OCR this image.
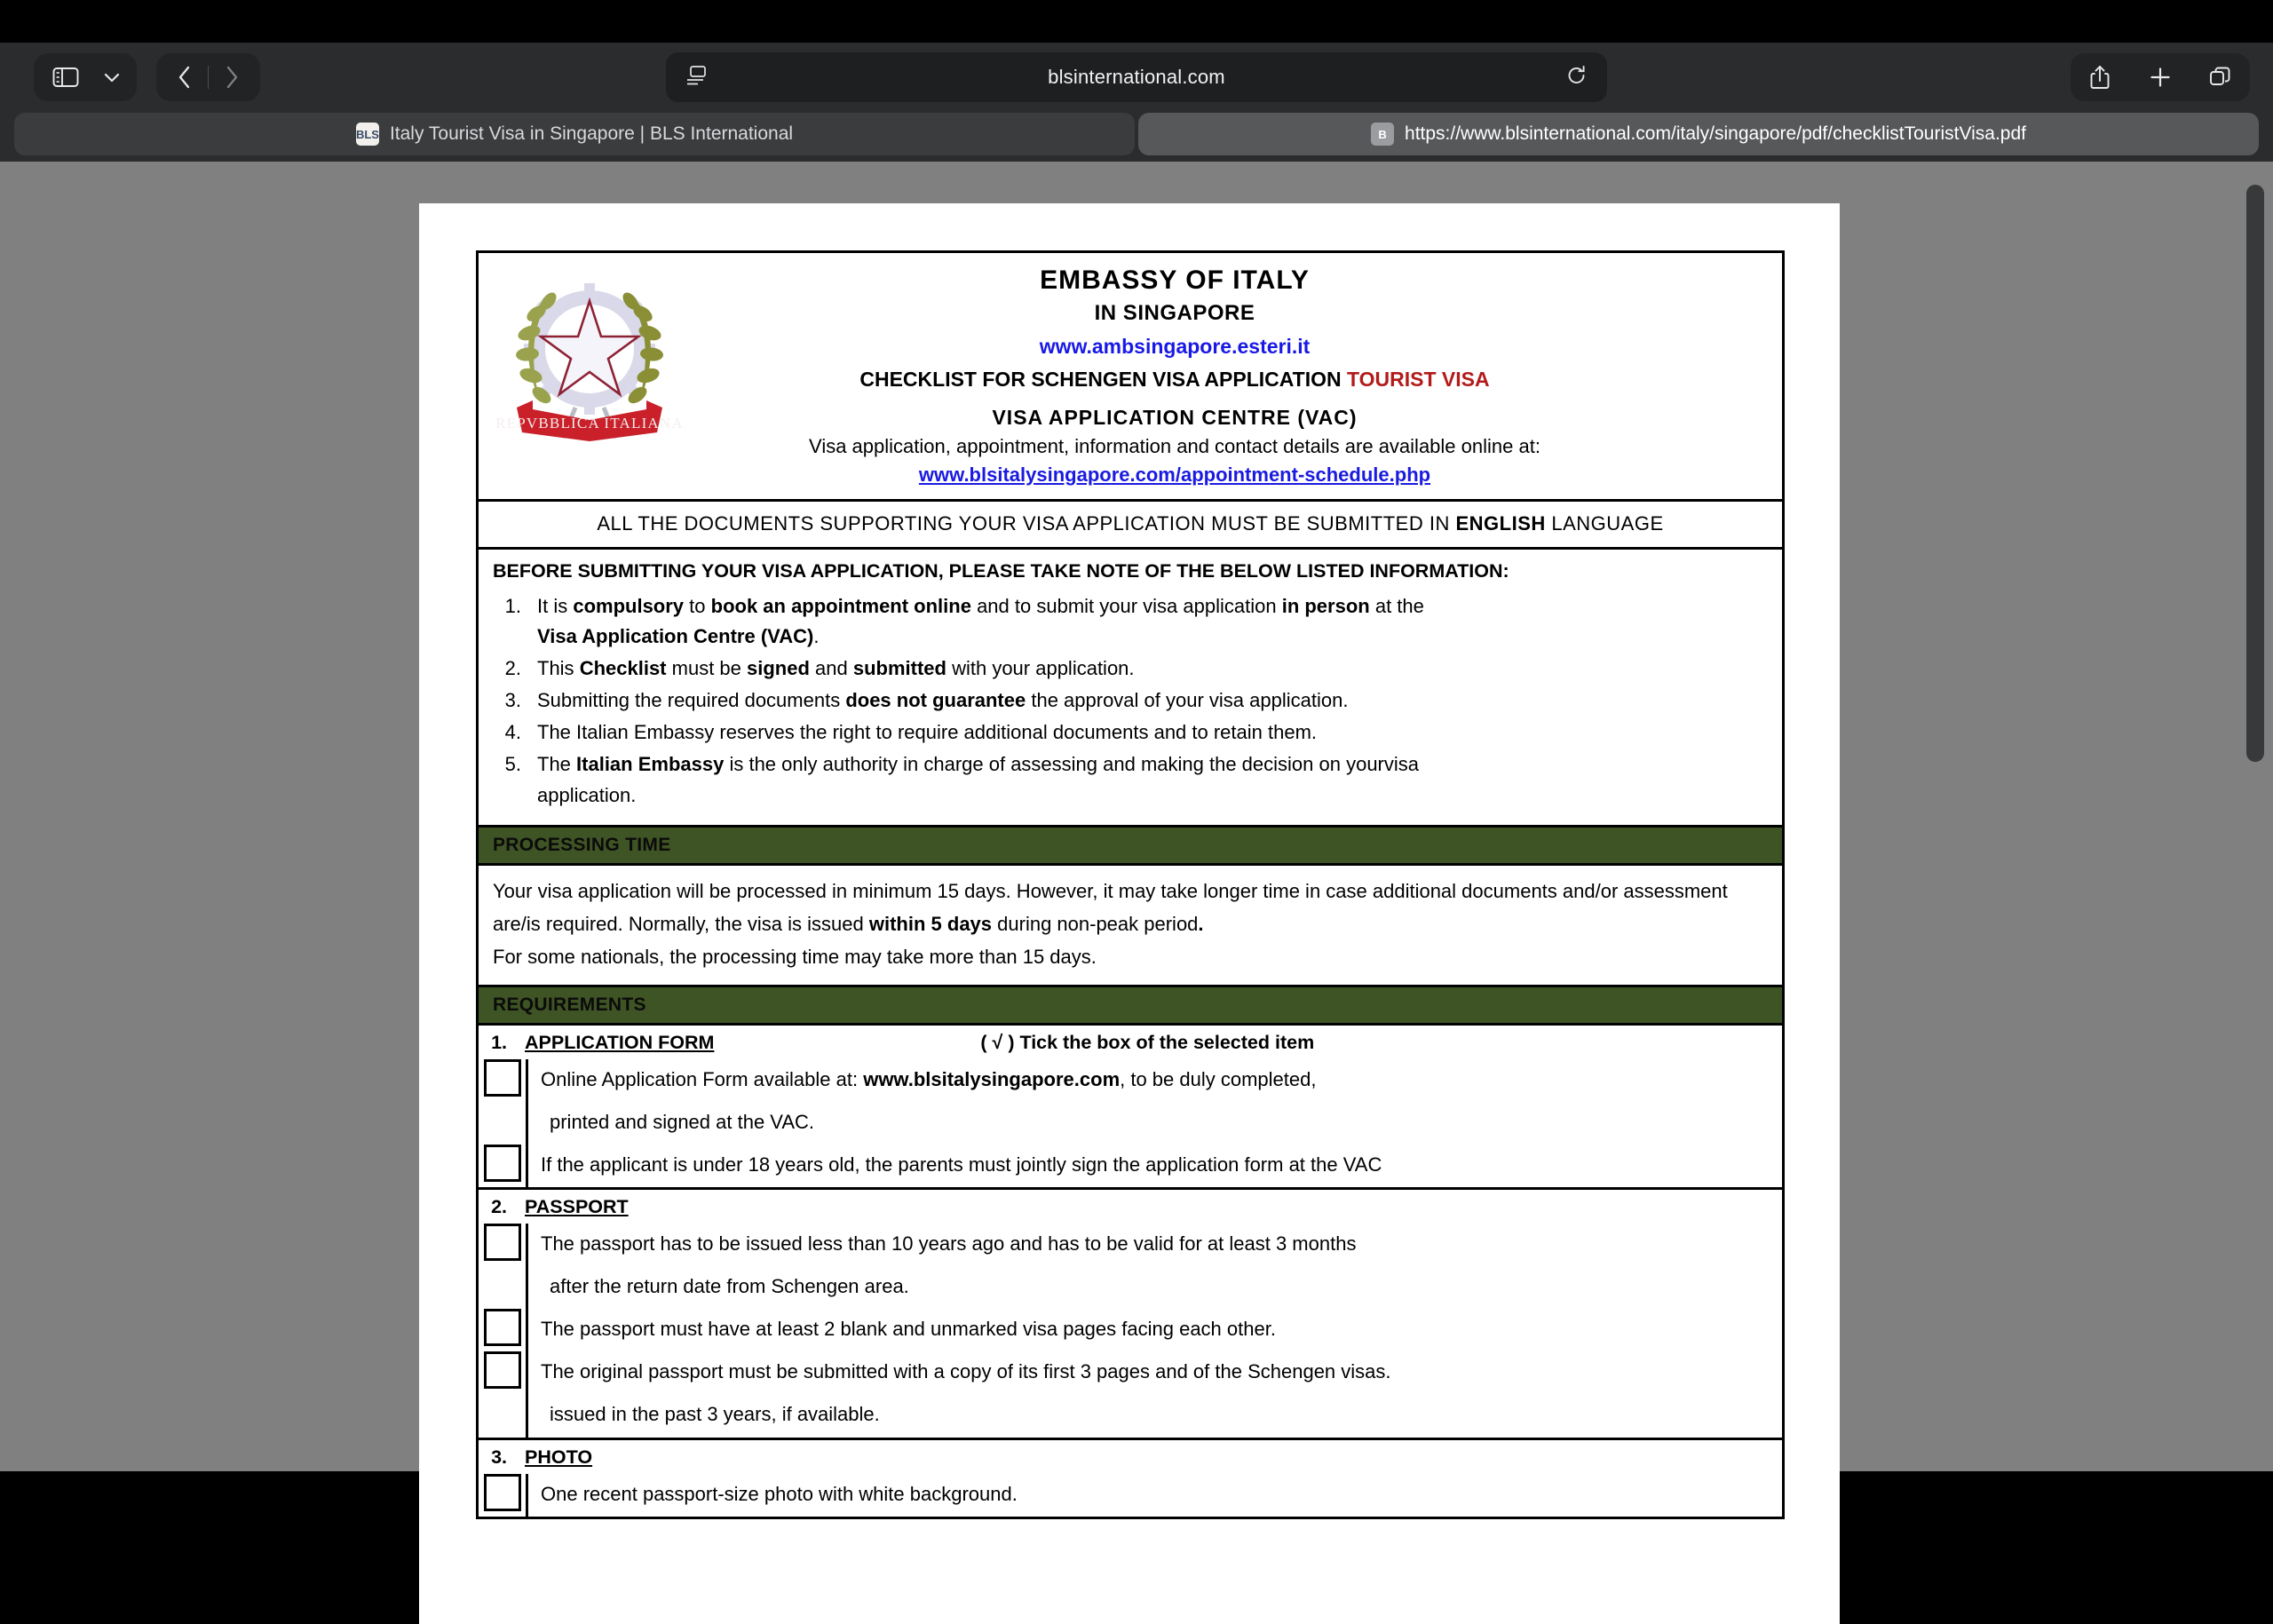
blsinternational.com
BLS Italy Tourist Visa in Singapore | BLS International	B https://www.blsinternational.com/italy/singapore/pdf/checklistTouristVisa.pdf
REPVBBLICA ITALIANA
EMBASSY OF ITALY
IN SINGAPORE
www.ambsingapore.esteri.it
CHECKLIST FOR SCHENGEN VISA APPLICATION TOURIST VISA
VISA APPLICATION CENTRE (VAC)
Visa application, appointment, information and contact details are available online at:
www.blsitalysingapore.com/appointment-schedule.php
ALL THE DOCUMENTS SUPPORTING YOUR VISA APPLICATION MUST BE SUBMITTED IN ENGLISH LANGUAGE
BEFORE SUBMITTING YOUR VISA APPLICATION, PLEASE TAKE NOTE OF THE BELOW LISTED INFORMATION:
1. It is compulsory to book an appointment online and to submit your visa application in person at the
Visa Application Centre (VAC).
2. This Checklist must be signed and submitted with your application.
3. Submitting the required documents does not guarantee the approval of your visa application.
4. The Italian Embassy reserves the right to require additional documents and to retain them.
5. The Italian Embassy is the only authority in charge of assessing and making the decision on yourvisa
application.
PROCESSING TIME
Your visa application will be processed in minimum 15 days. However, it may take longer time in case additional documents and/or assessment are/is required. Normally, the visa is issued within 5 days during non-peak period.
For some nationals, the processing time may take more than 15 days.
REQUIREMENTS
1. APPLICATION FORM	( √ ) Tick the box of the selected item
Online Application Form available at: www.blsitalysingapore.com, to be duly completed,
printed and signed at the VAC.
If the applicant is under 18 years old, the parents must jointly sign the application form at the VAC
2. PASSPORT
The passport has to be issued less than 10 years ago and has to be valid for at least 3 months
after the return date from Schengen area.
The passport must have at least 2 blank and unmarked visa pages facing each other.
The original passport must be submitted with a copy of its first 3 pages and of the Schengen visas.
issued in the past 3 years, if available.
3. PHOTO
One recent passport-size photo with white background.
